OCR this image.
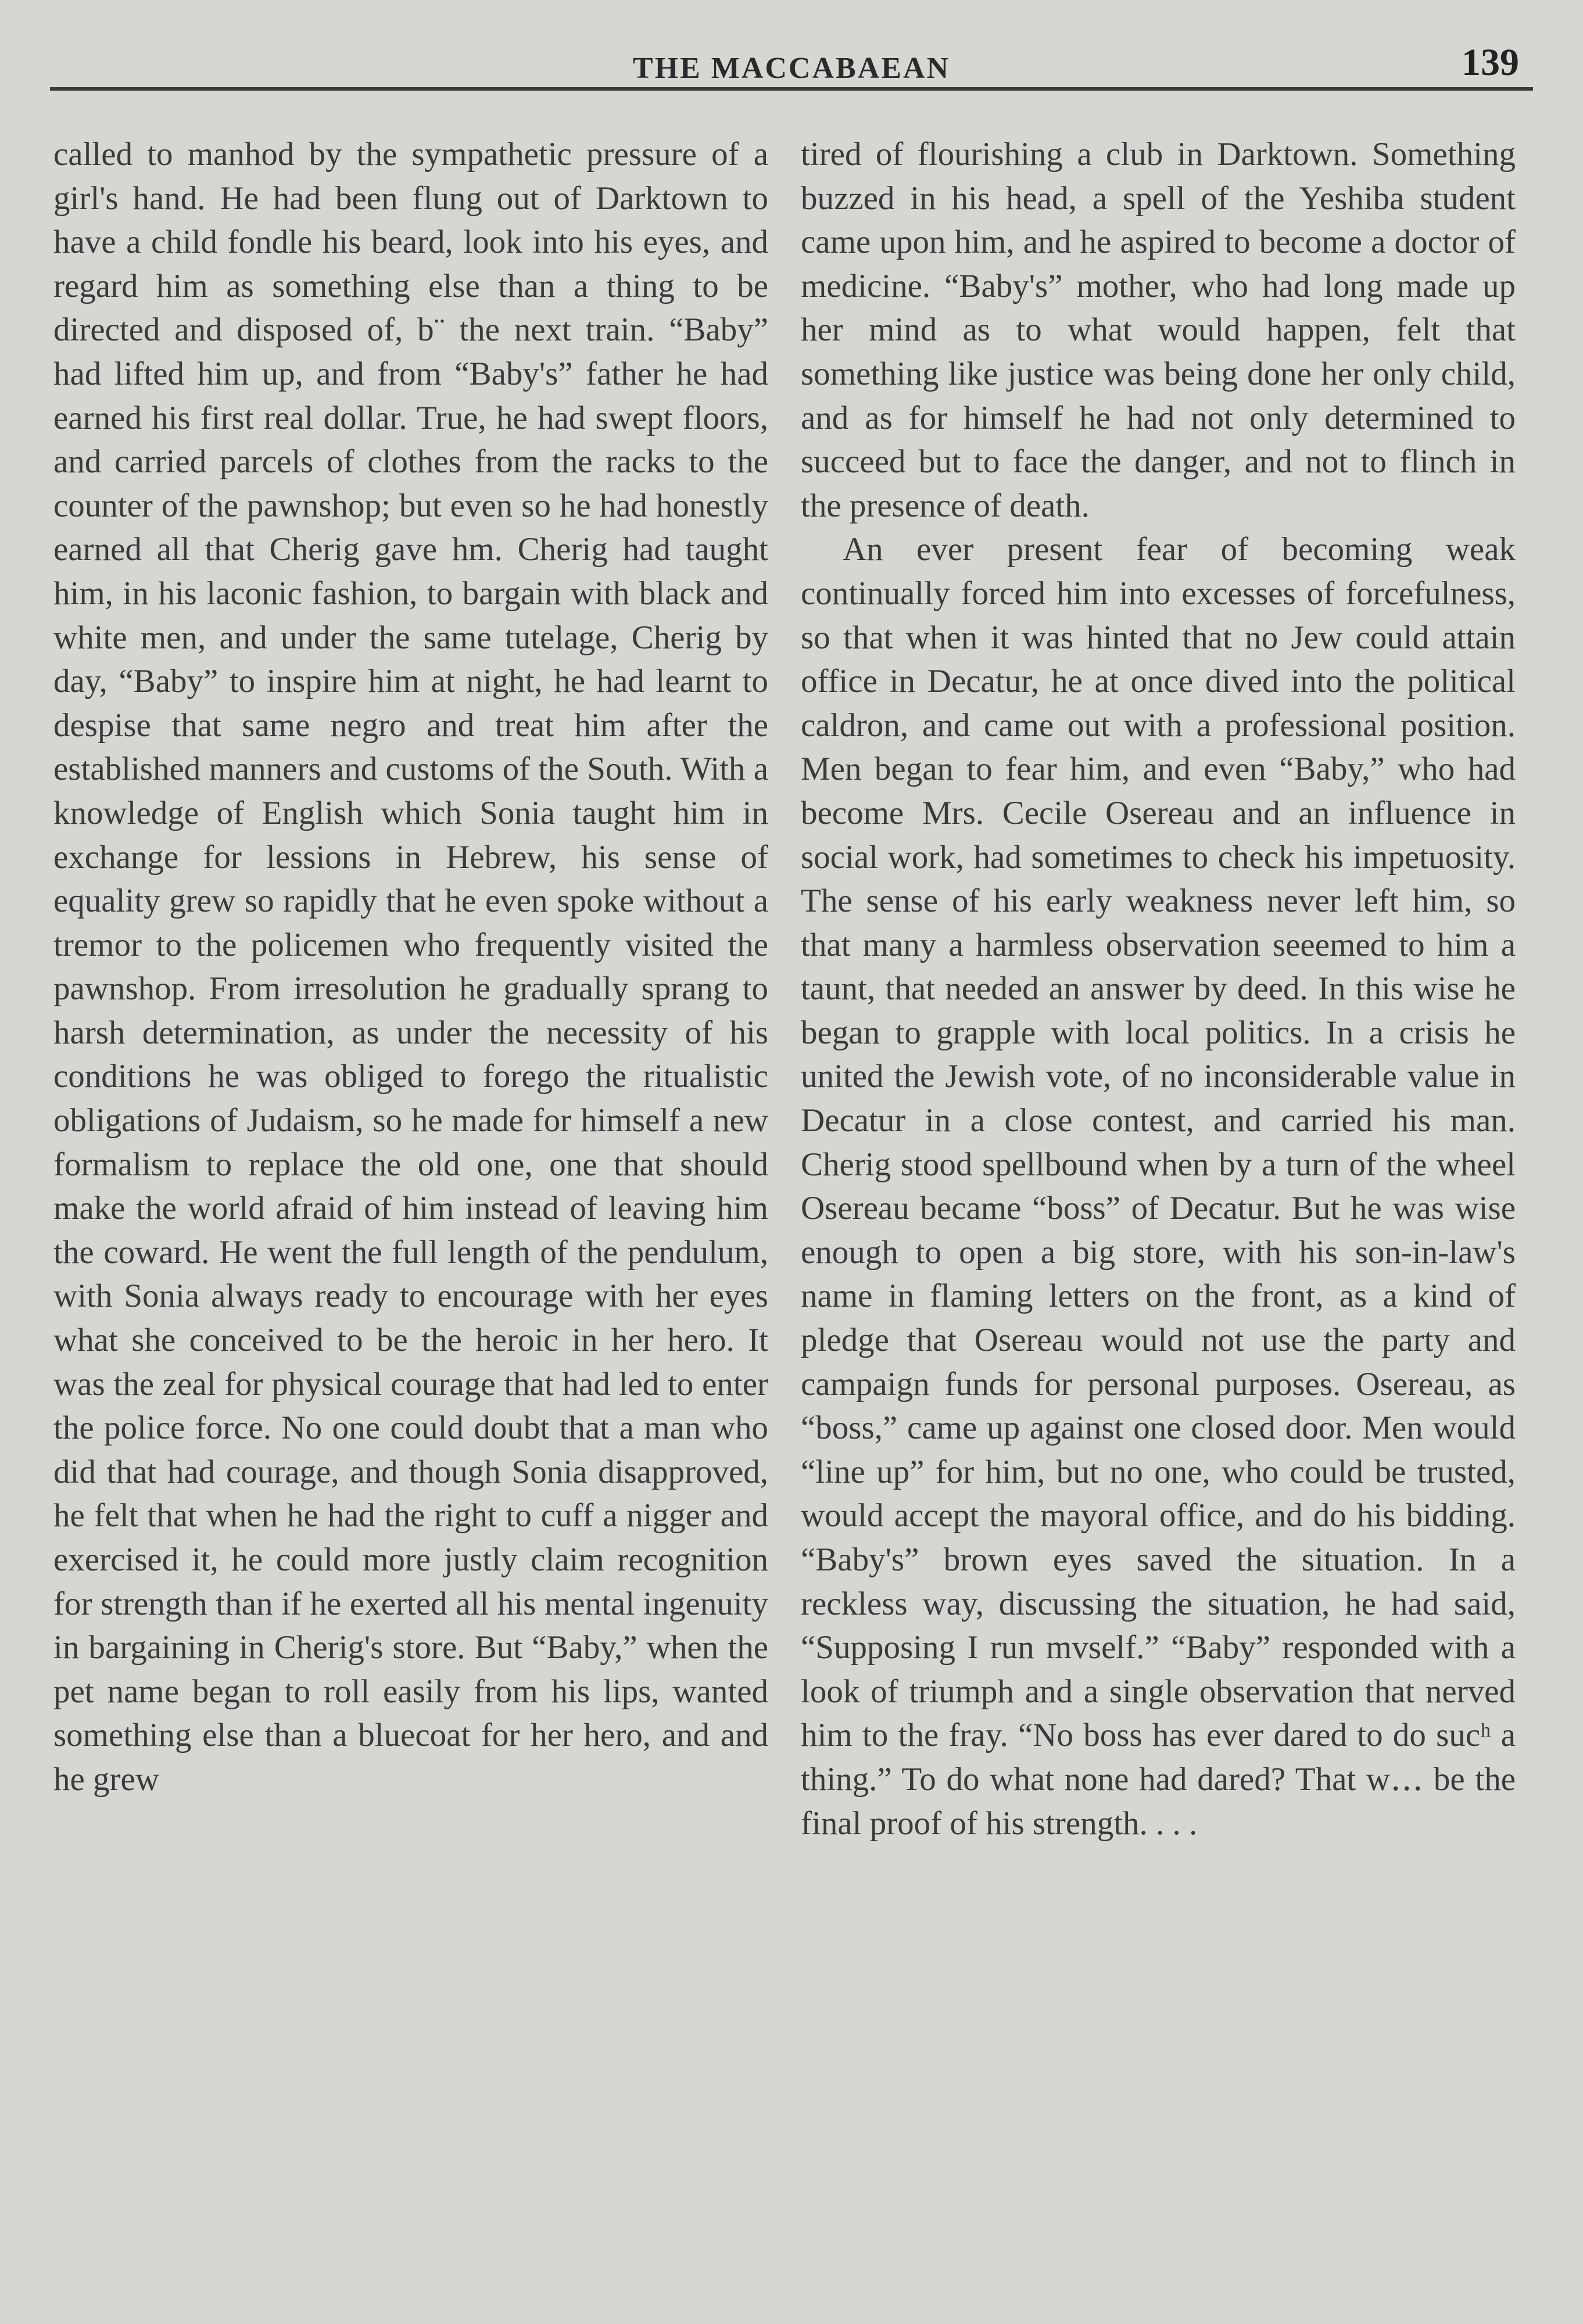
THE MACCABAEAN	139

called to manhod by the sympathetic pressure of a girl's hand. He had been flung out of Darktown to have a child fondle his beard, look into his eyes, and regard him as something else than a thing to be directed and disposed of, b¨ the next train. “Baby” had lifted him up, and from “Baby's” father he had earned his first real dollar. True, he had swept floors, and carried parcels of clothes from the racks to the counter of the pawnshop; but even so he had honestly earned all that Cherig gave hm. Cherig had taught him, in his laconic fashion, to bargain with black and white men, and under the same tutelage, Cherig by day, “Baby” to inspire him at night, he had learnt to despise that same negro and treat him after the established manners and customs of the South. With a knowledge of English which Sonia taught him in exchange for lessions in Hebrew, his sense of equality grew so rapidly that he even spoke without a tremor to the policemen who frequently visited the pawnshop. From irresolution he gradually sprang to harsh determination, as under the necessity of his conditions he was obliged to forego the ritualistic obligations of Judaism, so he made for himself a new formalism to replace the old one, one that should make the world afraid of him instead of leaving him the coward. He went the full length of the pendulum, with Sonia always ready to encourage with her eyes what she conceived to be the heroic in her hero. It was the zeal for physical courage that had led to enter the police force. No one could doubt that a man who did that had courage, and though Sonia disapproved, he felt that when he had the right to cuff a nigger and exercised it, he could more justly claim recognition for strength than if he exerted all his mental ingenuity in bargaining in Cherig's store. But “Baby,” when the pet name began to roll easily from his lips, wanted something else than a bluecoat for her hero, and and he grew

tired of flourishing a club in Darktown. Something buzzed in his head, a spell of the Yeshiba student came upon him, and he aspired to become a doctor of medicine. “Baby's” mother, who had long made up her mind as to what would happen, felt that something like justice was being done her only child, and as for himself he had not only determined to succeed but to face the danger, and not to flinch in the presence of death.

An ever present fear of becoming weak continually forced him into excesses of forcefulness, so that when it was hinted that no Jew could attain office in Decatur, he at once dived into the political caldron, and came out with a professional position. Men began to fear him, and even “Baby,” who had become Mrs. Cecile Osereau and an influence in social work, had sometimes to check his impetuosity. The sense of his early weakness never left him, so that many a harmless observation seeemed to him a taunt, that needed an answer by deed. In this wise he began to grapple with local politics. In a crisis he united the Jewish vote, of no inconsiderable value in Decatur in a close contest, and carried his man. Cherig stood spellbound when by a turn of the wheel Osereau became “boss” of Decatur. But he was wise enough to open a big store, with his son-in-law's name in flaming letters on the front, as a kind of pledge that Osereau would not use the party and campaign funds for personal purposes. Osereau, as “boss,” came up against one closed door. Men would “line up” for him, but no one, who could be trusted, would accept the mayoral office, and do his bidding. “Baby's” brown eyes saved the situation. In a reckless way, discussing the situation, he had said, “Supposing I run mvself.” “Baby” responded with a look of triumph and a single observation that nerved him to the fray. “No boss has ever dared to do sucʰ a thing.” To do what none had dared? That w‥․ be the final proof of his strength. . . .
